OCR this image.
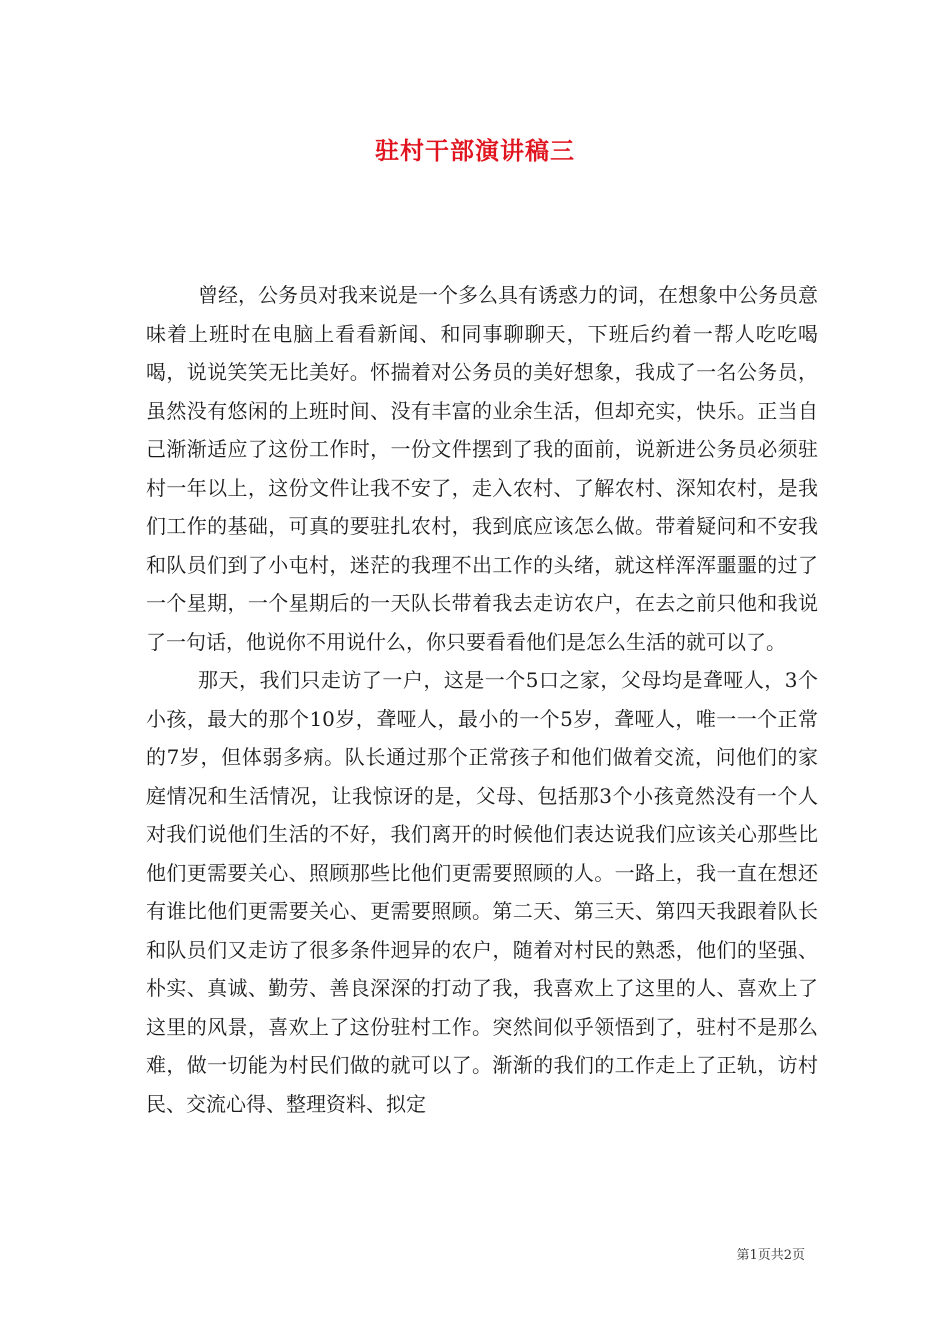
驻村干部演讲稿三

曾经，公务员对我来说是一个多么具有诱惑力的词，在想象中公务员意味着上班时在电脑上看看新闻、和同事聊聊天，下班后约着一帮人吃吃喝喝，说说笑笑无比美好。怀揣着对公务员的美好想象，我成了一名公务员，虽然没有悠闲的上班时间、没有丰富的业余生活，但却充实，快乐。正当自己渐渐适应了这份工作时，一份文件摆到了我的面前，说新进公务员必须驻村一年以上，这份文件让我不安了，走入农村、了解农村、深知农村，是我们工作的基础，可真的要驻扎农村，我到底应该怎么做。带着疑问和不安我和队员们到了小屯村，迷茫的我理不出工作的头绪，就这样浑浑噩噩的过了一个星期，一个星期后的一天队长带着我去走访农户，在去之前只他和我说了一句话，他说你不用说什么，你只要看看他们是怎么生活的就可以了。

那天，我们只走访了一户，这是一个5口之家，父母均是聋哑人，3个小孩，最大的那个10岁，聋哑人，最小的一个5岁，聋哑人，唯一一个正常的7岁，但体弱多病。队长通过那个正常孩子和他们做着交流，问他们的家庭情况和生活情况，让我惊讶的是，父母、包括那3个小孩竟然没有一个人对我们说他们生活的不好，我们离开的时候他们表达说我们应该关心那些比他们更需要关心、照顾那些比他们更需要照顾的人。一路上，我一直在想还有谁比他们更需要关心、更需要照顾。第二天、第三天、第四天我跟着队长和队员们又走访了很多条件迥异的农户，随着对村民的熟悉，他们的坚强、朴实、真诚、勤劳、善良深深的打动了我，我喜欢上了这里的人、喜欢上了这里的风景，喜欢上了这份驻村工作。突然间似乎领悟到了，驻村不是那么难，做一切能为村民们做的就可以了。渐渐的我们的工作走上了正轨，访村民、交流心得、整理资料、拟定

第1页共2页
